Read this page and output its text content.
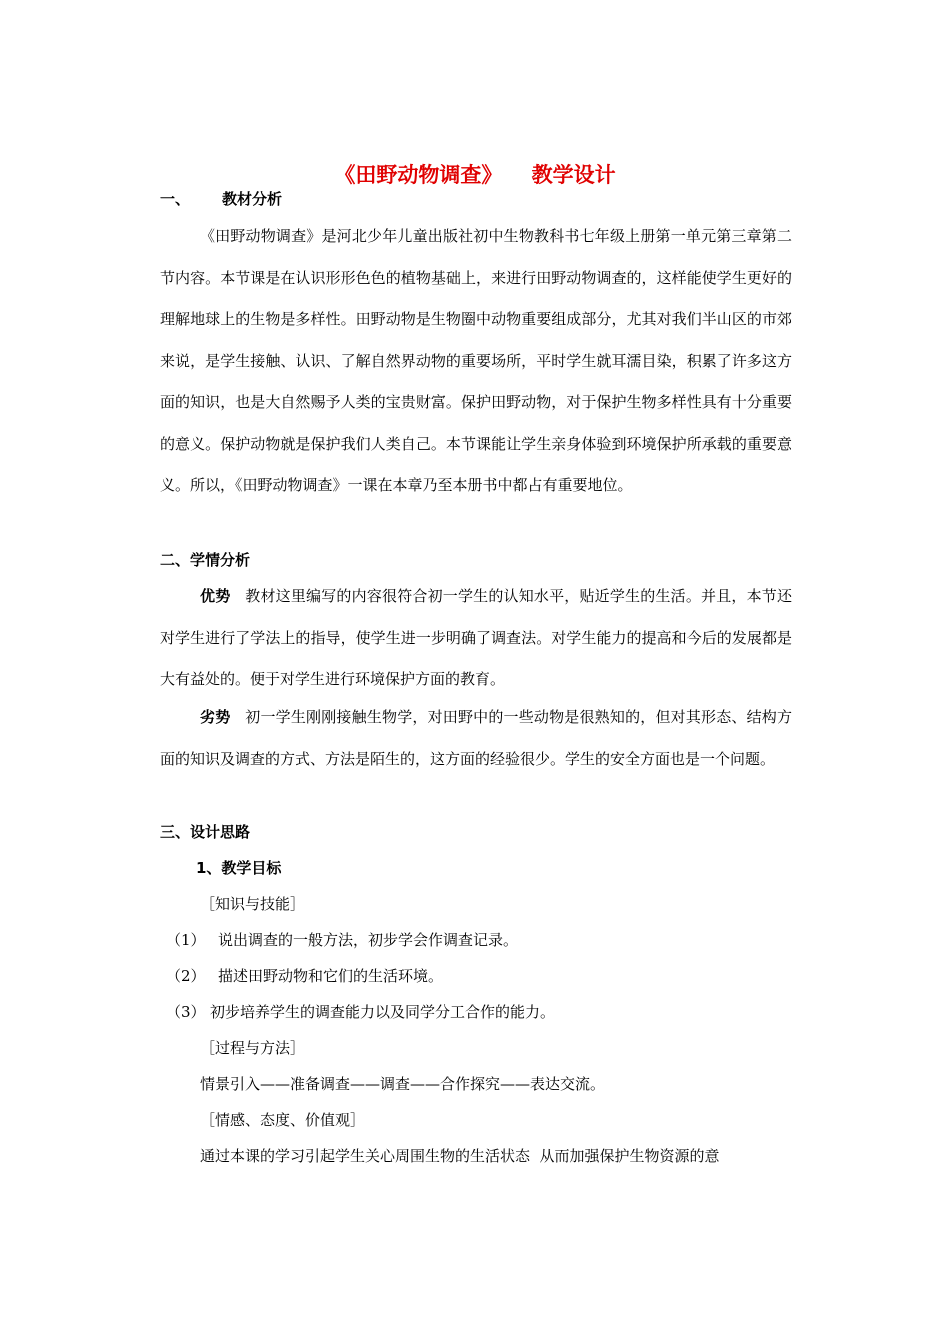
《田野动物调查》    教学设计
一、 教材分析
《田野动物调查》是河北少年儿童出版社初中生物教科书七年级上册第一单元第三章第二节内容。本节课是在认识形形色色的植物基础上，来进行田野动物调查的，这样能使学生更好的理解地球上的生物是多样性。田野动物是生物圈中动物重要组成部分，尤其对我们半山区的市郊来说，是学生接触、认识、了解自然界动物的重要场所，平时学生就耳濡目染，积累了许多这方面的知识，也是大自然赐予人类的宝贵财富。保护田野动物，对于保护生物多样性具有十分重要的意义。保护动物就是保护我们人类自己。本节课能让学生亲身体验到环境保护所承载的重要意义。所以，《田野动物调查》一课在本章乃至本册书中都占有重要地位。
二、学情分析
优势 教材这里编写的内容很符合初一学生的认知水平，贴近学生的生活。并且，本节还对学生进行了学法上的指导，使学生进一步明确了调查法。对学生能力的提高和今后的发展都是大有益处的。便于对学生进行环境保护方面的教育。
劣势 初一学生刚刚接触生物学，对田野中的一些动物是很熟知的，但对其形态、结构方面的知识及调查的方式、方法是陌生的，这方面的经验很少。学生的安全方面也是一个问题。
三、设计思路
1、教学目标
［知识与技能］
（1） 说出调查的一般方法，初步学会作调查记录。
（2） 描述田野动物和它们的生活环境。
（3） 初步培养学生的调查能力以及同学分工合作的能力。
［过程与方法］
情景引入——准备调查——调查——合作探究——表达交流。
［情感、态度、价值观］
通过本课的学习引起学生关心周围生物的生活状态  从而加强保护生物资源的意
